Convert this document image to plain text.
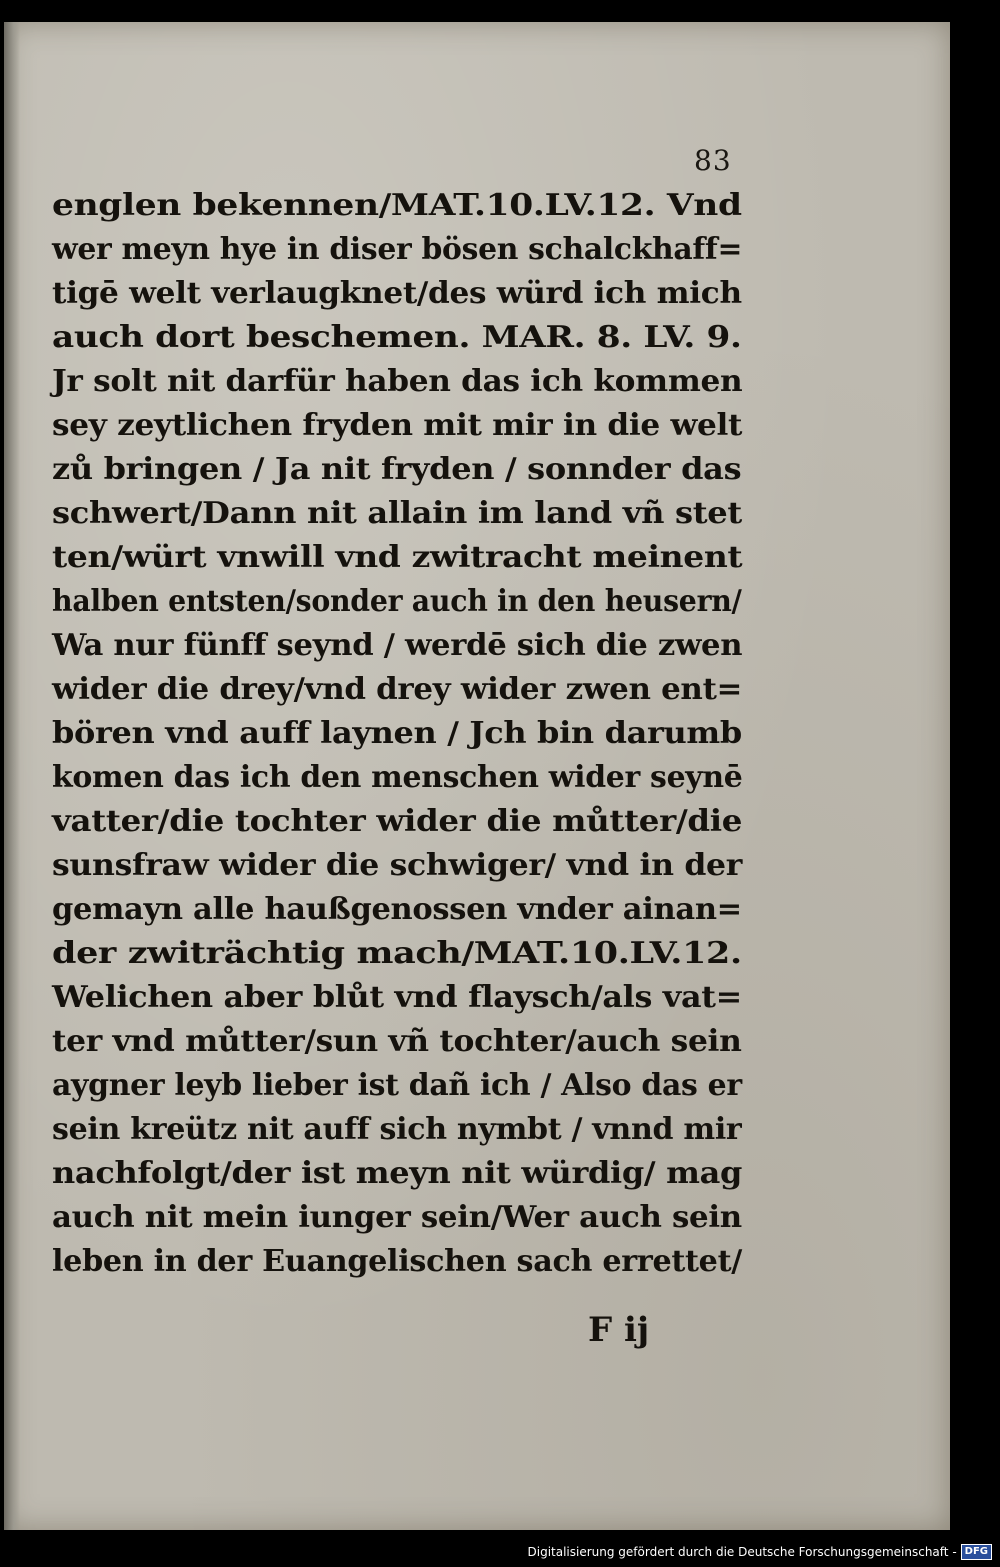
83
englen bekennen/MAT.10.LV.12. Vnd
wer meyn hye in diser bösen schalckhaff=
tigē welt verlaugknet/des würd ich mich
auch dort beschemen. MAR. 8. LV. 9.
Jr solt nit darfür haben das ich kommen
sey zeytlichen fryden mit mir in die welt
zů bringen / Ja nit fryden / sonnder das
schwert/Dann nit allain im land vñ stet
ten/würt vnwill vnd zwitracht meinent
halben entsten/sonder auch in den heusern/
Wa nur fünff seynd / werdē sich die zwen
wider die drey/vnd drey wider zwen ent=
bören vnd auff laynen / Jch bin darumb
komen das ich den menschen wider seynē
vatter/die tochter wider die můtter/die
sunsfraw wider die schwiger/ vnd in der
gemayn alle haußgenossen vnder ainan=
der zwiträchtig mach/MAT.10.LV.12.
Welichen aber blůt vnd flaysch/als vat=
ter vnd můtter/sun vñ tochter/auch sein
aygner leyb lieber ist dañ ich / Also das er
sein kreütz nit auff sich nymbt / vnnd mir
nachfolgt/der ist meyn nit würdig/ mag
auch nit mein iunger sein/Wer auch sein
leben in der Euangelischen sach errettet/
F ij
Digitalisierung gefördert durch die Deutsche Forschungsgemeinschaft - DFG
